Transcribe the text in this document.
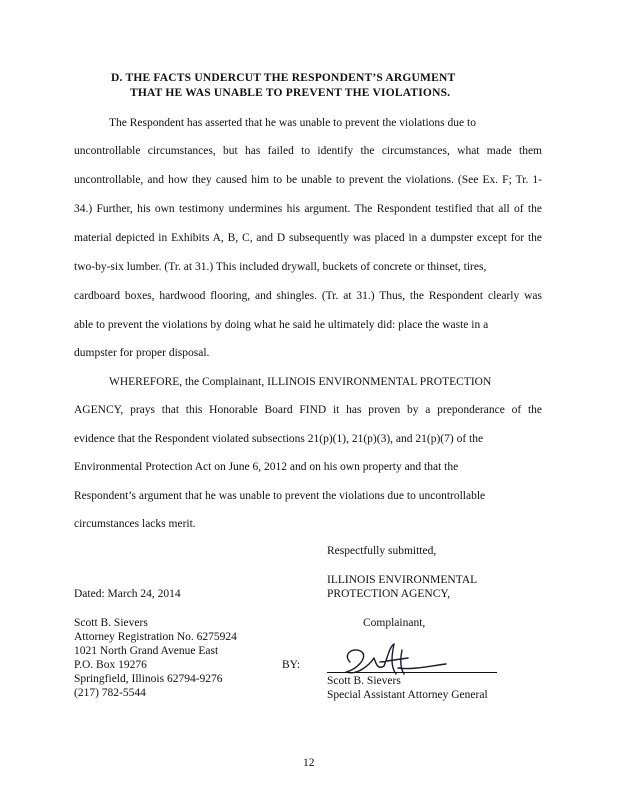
D. THE FACTS UNDERCUT THE RESPONDENT’S ARGUMENT
THAT HE WAS UNABLE TO PREVENT THE VIOLATIONS.
The Respondent has asserted that he was unable to prevent the violations due to
uncontrollable circumstances, but has failed to identify the circumstances, what made them
uncontrollable, and how they caused him to be unable to prevent the violations. (See Ex. F; Tr. 1-
34.) Further, his own testimony undermines his argument. The Respondent testified that all of the
material depicted in Exhibits A, B, C, and D subsequently was placed in a dumpster except for the
two-by-six lumber. (Tr. at 31.) This included drywall, buckets of concrete or thinset, tires,
cardboard boxes, hardwood flooring, and shingles. (Tr. at 31.) Thus, the Respondent clearly was
able to prevent the violations by doing what he said he ultimately did: place the waste in a
dumpster for proper disposal.
WHEREFORE, the Complainant, ILLINOIS ENVIRONMENTAL PROTECTION
AGENCY, prays that this Honorable Board FIND it has proven by a preponderance of the
evidence that the Respondent violated subsections 21(p)(1), 21(p)(3), and 21(p)(7) of the
Environmental Protection Act on June 6, 2012 and on his own property and that the
Respondent’s argument that he was unable to prevent the violations due to uncontrollable
circumstances lacks merit.
Respectfully submitted,
ILLINOIS ENVIRONMENTAL
PROTECTION AGENCY,
Dated: March 24, 2014
Complainant,
Scott B. Sievers
Attorney Registration No. 6275924
1021 North Grand Avenue East
P.O. Box 19276
Springfield, Illinois 62794-9276
(217) 782-5544
BY:
Scott B. Sievers
Special Assistant Attorney General
12
